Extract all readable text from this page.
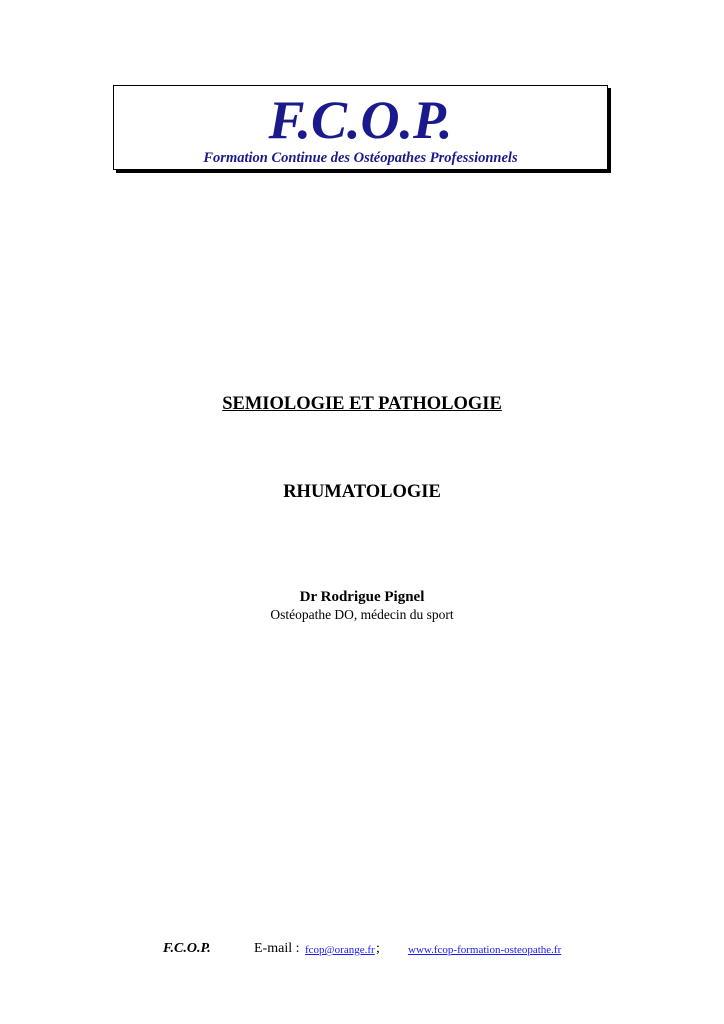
F.C.O.P.
Formation Continue des Ostéopathes Professionnels
SEMIOLOGIE ET PATHOLOGIE
RHUMATOLOGIE
Dr Rodrigue Pignel
Ostéopathe DO, médecin du sport
F.C.O.P.	E-mail : fcop@orange.fr ;	www.fcop-formation-osteopathe.fr
